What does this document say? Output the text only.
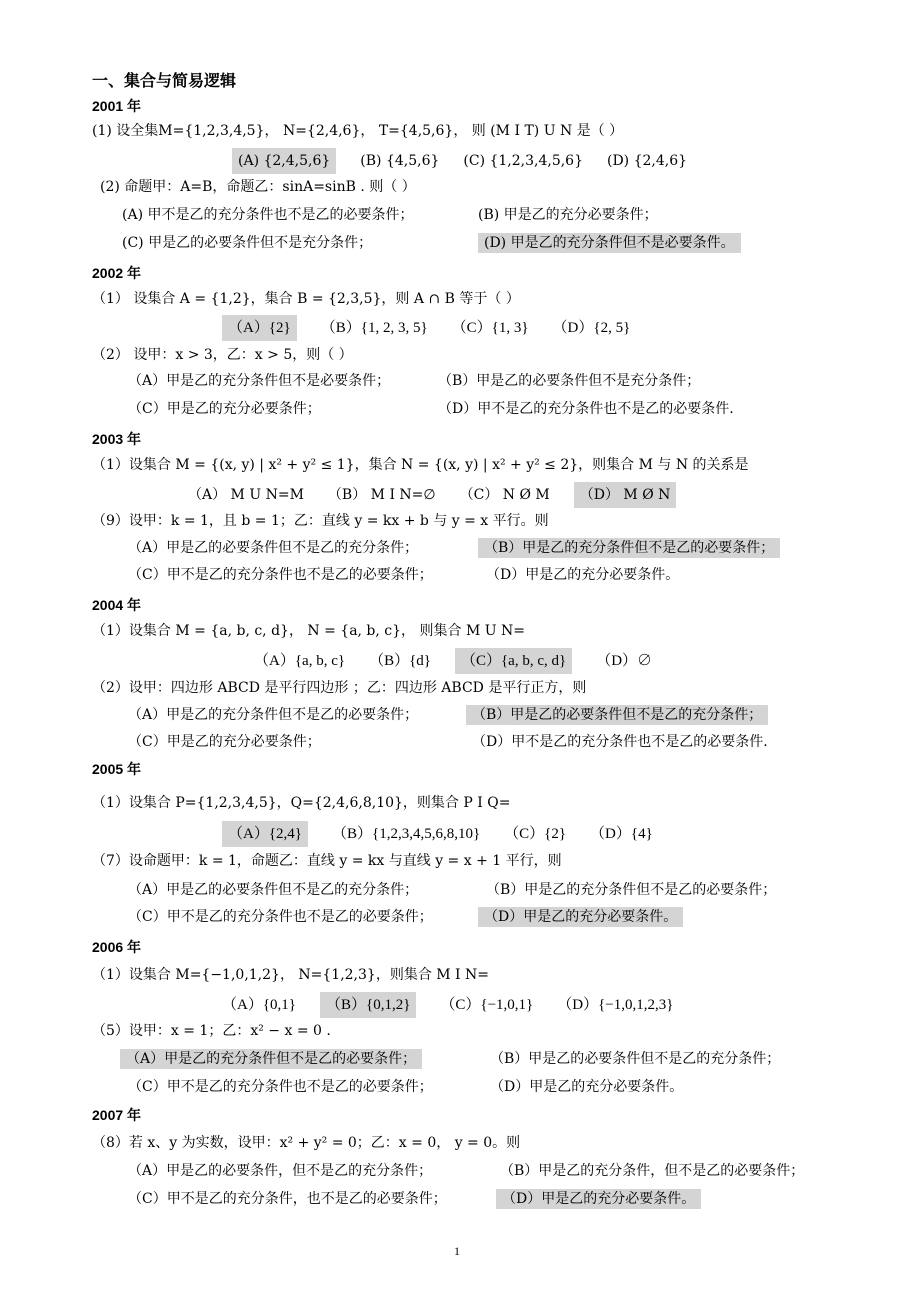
一、集合与简易逻辑
2001 年
(1) 设全集M={1,2,3,4,5}， N={2,4,6}， T={4,5,6}， 则 (M I T) U N 是（ ）
(A) {2,4,5,6} (B) {4,5,6} (C) {1,2,3,4,5,6} (D) {2,4,6}
(2) 命题甲：A=B，命题乙：sinA=sinB . 则（ ）
(A) 甲不是乙的充分条件也不是乙的必要条件；	(B) 甲是乙的充分必要条件；
(C) 甲是乙的必要条件但不是充分条件；	(D) 甲是乙的充分条件但不是必要条件。
2002 年
（1） 设集合 A = {1,2}，集合 B = {2,3,5}，则 A ∩ B 等于（ ）
（A）{2} （B）{1, 2, 3, 5} （C）{1, 3} （D）{2, 5}
（2） 设甲：x > 3，乙：x > 5，则（ ）
（A）甲是乙的充分条件但不是必要条件；	（B）甲是乙的必要条件但不是充分条件；
（C）甲是乙的充分必要条件；	（D）甲不是乙的充分条件也不是乙的必要条件.
2003 年
（1）设集合 M = {(x, y) | x² + y² ≤ 1}，集合 N = {(x, y) | x² + y² ≤ 2}，则集合 M 与 N 的关系是
（A） M U N=M （B） M I N=∅ （C） N Ø M （D） M Ø N
（9）设甲：k = 1，且 b = 1；乙：直线 y = kx + b 与 y = x 平行。则
（A）甲是乙的必要条件但不是乙的充分条件；	（B）甲是乙的充分条件但不是乙的必要条件；
（C）甲不是乙的充分条件也不是乙的必要条件；	（D）甲是乙的充分必要条件。
2004 年
（1）设集合 M = {a, b, c, d}， N = {a, b, c}， 则集合 M U N=
（A）{a, b, c} （B）{d} （C）{a, b, c, d} （D）∅
（2）设甲：四边形 ABCD 是平行四边形 ；乙：四边形 ABCD 是平行正方，则
（A）甲是乙的充分条件但不是乙的必要条件；	（B）甲是乙的必要条件但不是乙的充分条件；
（C）甲是乙的充分必要条件；	（D）甲不是乙的充分条件也不是乙的必要条件.
2005 年
（1）设集合 P={1,2,3,4,5}，Q={2,4,6,8,10}，则集合 P I Q=
（A）{2,4} （B）{1,2,3,4,5,6,8,10} （C）{2} （D）{4}
（7）设命题甲：k = 1，命题乙：直线 y = kx 与直线 y = x + 1 平行，则
（A）甲是乙的必要条件但不是乙的充分条件；	（B）甲是乙的充分条件但不是乙的必要条件；
（C）甲不是乙的充分条件也不是乙的必要条件；	（D）甲是乙的充分必要条件。
2006 年
（1）设集合 M={−1,0,1,2}， N={1,2,3}，则集合 M I N=
（A）{0,1} （B）{0,1,2} （C）{−1,0,1} （D）{−1,0,1,2,3}
（5）设甲：x = 1；乙：x² − x = 0 .
（A）甲是乙的充分条件但不是乙的必要条件；	（B）甲是乙的必要条件但不是乙的充分条件；
（C）甲不是乙的充分条件也不是乙的必要条件；	（D）甲是乙的充分必要条件。
2007 年
（8）若 x、y 为实数，设甲：x² + y² = 0；乙：x = 0， y = 0。则
（A）甲是乙的必要条件，但不是乙的充分条件；	（B）甲是乙的充分条件，但不是乙的必要条件；
（C）甲不是乙的充分条件，也不是乙的必要条件；	（D）甲是乙的充分必要条件。
1
